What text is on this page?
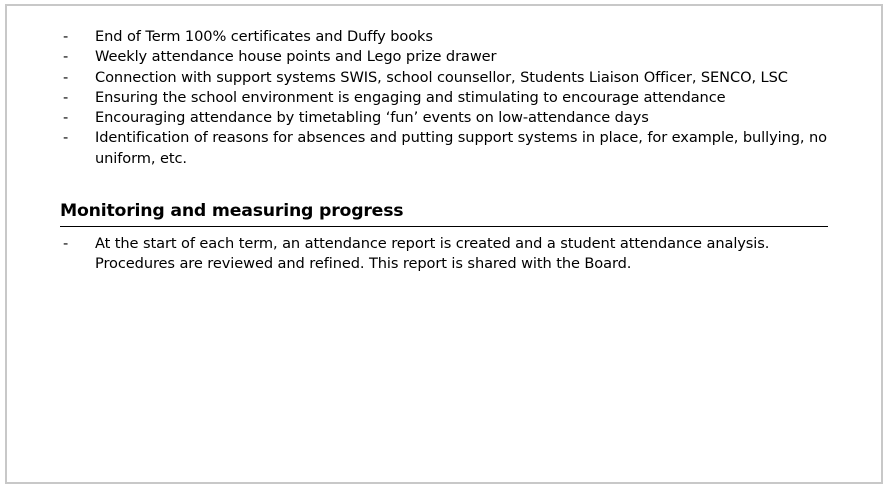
-	End of Term 100% certificates and Duffy books
-	Weekly attendance house points and Lego prize drawer
-	Connection with support systems SWIS, school counsellor, Students Liaison Officer, SENCO, LSC
-	Ensuring the school environment is engaging and stimulating to encourage attendance
-	Encouraging attendance by timetabling ‘fun’ events on low-attendance days
-	Identification of reasons for absences and putting support systems in place, for example, bullying, no uniform, etc.
Monitoring and measuring progress
-	At the start of each term, an attendance report is created and a student attendance analysis. Procedures are reviewed and refined. This report is shared with the Board.
